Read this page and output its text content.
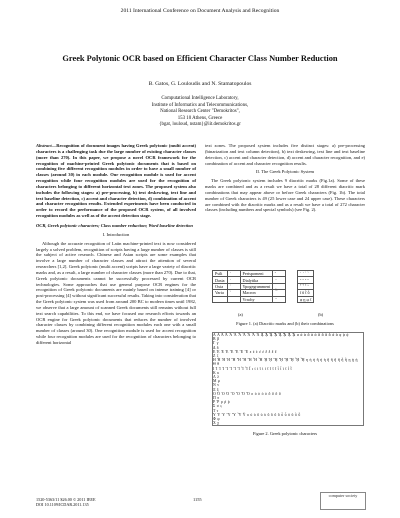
2011 International Conference on Document Analysis and Recognition
Greek Polytonic OCR based on Efficient Character Class Number Reduction
B. Gatos, G. Louloudis and N. Stamatopoulos
Computational Intelligence Laboratory,
Institute of Informatics and Telecommunications,
National Research Center "Demokritos",
153 10 Athens, Greece
{bgat, louloud, nstam}@iit.demokritos.gr

Abstract—Recognition of document images having Greek polytonic (multi accent) characters is a challenging task due the large number of existing character classes (more than 270). In this paper, we propose a novel OCR framework for the recognition of machine-printed Greek polytonic documents that is based on combining five different recognition modules in order to have a small number of classes (around 30) in each module. Our recognition module is used for accent recognition while four recognition modules are used for the recognition of characters belonging to different horizontal text zones. The proposed system also includes the following stages: a) pre-processing, b) text deskewing, text line and text baseline detection, c) accent and character detection, d) combination of accent and character recognition results. Extended experiments have been conducted in order to record the performance of the proposed OCR system, of all involved recognition modules as well as of the accent detection stage.

OCR, Greek polytonic characters; Class number reduction; Word baseline detection

I. Introduction

Although the accurate recognition of Latin machine-printed text is now considered largely a solved problem, recognition of scripts having a large number of classes is still the subject of active research. Chinese and Asian scripts are some examples that involve a large number of character classes and attract the attention of several researchers [1,2]. Greek polytonic (multi accent) scripts have a large variety of diacritic marks and, as a result, a large number of character classes (more than 270). Due to that, Greek polytonic documents cannot be successfully processed by current OCR technologies. Some approaches that use general purpose OCR engines for the recognition of Greek polytonic documents are mainly based on intense training [4] or post-processing [4] without significant successful results. Taking into consideration that the Greek polytonic system was used from around 200 BC to modern times until 1982, we observe that a large amount of scanned Greek documents still remains without full text search capabilities. To this end, we have focused our research efforts towards an OCR engine for Greek polytonic documents that reduces the number of involved character classes by combining different recognition modules each one with a small number of classes (around 30). One recognition module is used for accent recognition while four recognition modules are used for the recognition of characters belonging to different horizontal

text zones. The proposed system includes five distinct stages: a) pre-processing (binarization and text column detection), b) text deskewing, text line and text baseline detection, c) accent and character detection, d) accent and character recognition, and e) combination of accent and character recognition results.

II. The Greek Polytonic System

The Greek polytonic system includes 9 diacritic marks (Fig.1a). Some of these marks are combined and as a result we have a total of 28 different diacritic mark combinations that may appear above or before Greek characters (Fig. 1b). The total number of Greek characters is 49 (25 lower case and 24 upper case). These characters are combined with the diacritic marks and as a result we have a total of 272 character classes (including numbers and special symbols) (see Fig. 2).

Psili	᾿	Perispomeni	
Dasia	῾	Dialytika	¨
Oxia	΄	Ypogegrammeni	ͺ
Varia	`	Macron	¯
		Vrachy	˘
᾿ ῾ ΄ `
῎ ῞ ῍ ῝
῏ ῟ ῁ ῭
ΐ ΰ ῗ ῧ
ᾳ ῃ ῳ ῖ
(a)	(b)
Figure 1. (a) Diacritic marks and (b) their combinations
A Α Ά Ἀ Ἁ Ἂ Ἃ Ἄ Ἅ Ἆ Ἇ ᾈ ᾉ ᾊ ᾋ ᾌ ᾍ ᾎ ᾏ α ά ὰ ᾶ ἀ ἁ ἂ ἃ ἄ ἅ ἆ ἇ ᾳ ᾲ ᾴ
Β β
Γ γ
Δ δ
Ε Έ Ἐ Ἑ Ἒ Ἓ Ἔ Ἕ ε έ ὲ ἐ ἑ ἒ ἓ ἔ ἕ
Ζ ζ
Η Ή Ἠ Ἡ Ἢ Ἣ Ἤ Ἥ Ἦ Ἧ ᾘ ᾙ ᾚ ᾛ ᾜ ᾝ ᾞ ᾟ η ή ὴ ῆ ἠ ἡ ἢ ἣ ἤ ἥ ἦ ἧ ῃ ῂ ῄ
Θ θ
Ι Ί Ἰ Ἱ Ἲ Ἳ Ἴ Ἵ Ἶ Ἷ Ϊ ι ί ὶ ῖ ἰ ἱ ἲ ἳ ἴ ἵ ἶ ἷ ϊ ΐ ῒ ῗ
Κ κ
Λ λ
Μ μ
Ν ν
Ξ ξ
Ο Ό Ὀ Ὁ Ὂ Ὃ Ὄ Ὅ ο ό ὸ ὀ ὁ ὂ ὃ ὄ ὅ
Π π
Ρ Ῥ ρ ῤ ῥ
Σ σ ς
Τ τ
Υ Ύ Ὑ Ὓ Ὕ Ὗ Ϋ υ ύ ὺ ῦ ὐ ὑ ὒ ὓ ὔ ὕ ὖ ὗ ϋ ΰ ῢ ῧ
Φ φ
Χ χ
Figure 2. Greek polytonic characters
1520-5363/11 $26.00 © 2011 IEEE
DOI 10.1109/ICDAR.2011.135
1155
computer society
